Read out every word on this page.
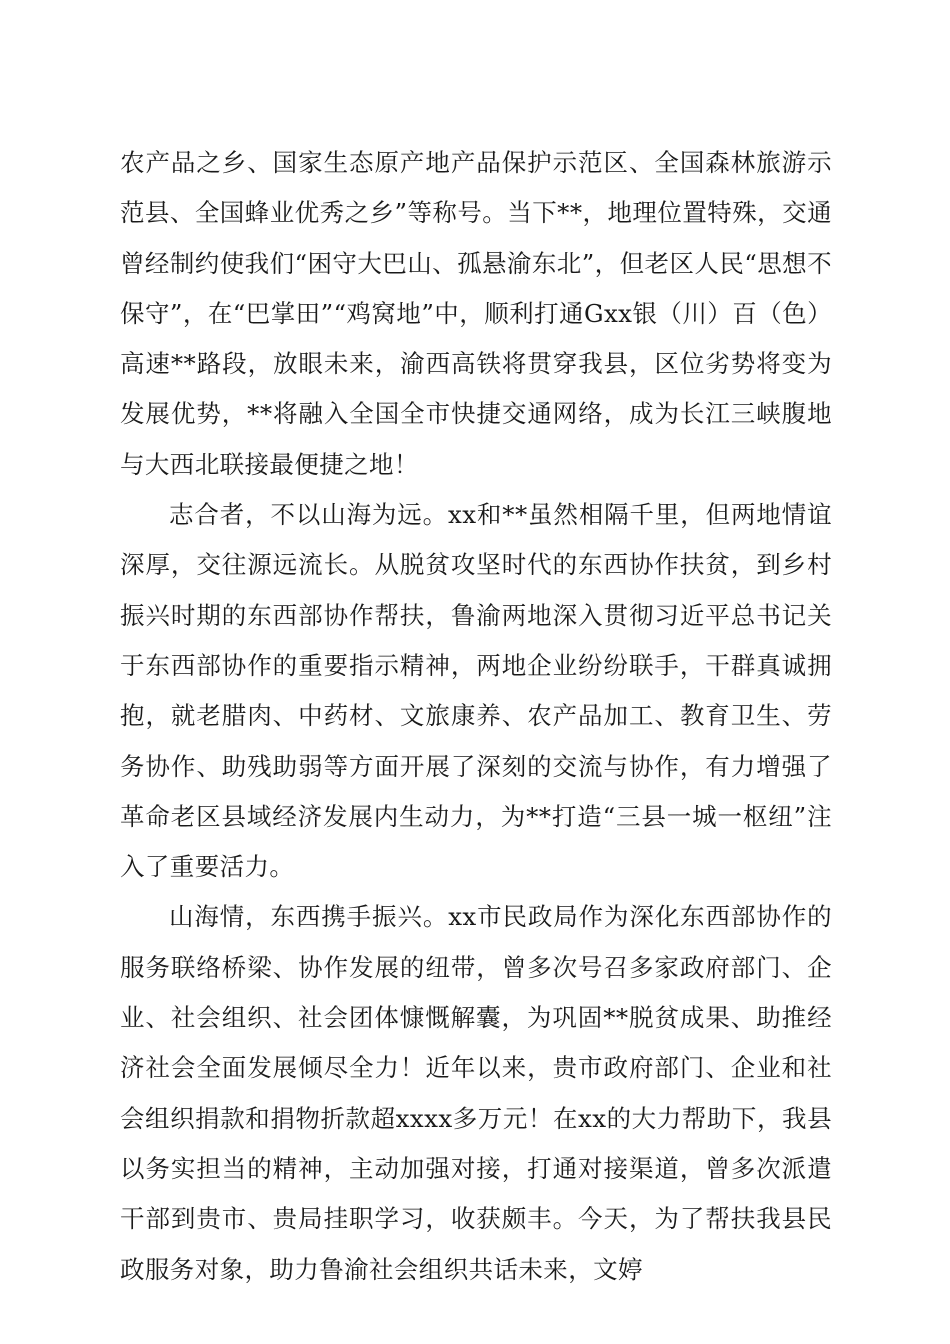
农产品之乡、国家生态原产地产品保护示范区、全国森林旅游示范县、全国蜂业优秀之乡”等称号。当下**，地理位置特殊，交通曾经制约使我们“困守大巴山、孤悬渝东北”，但老区人民“思想不保守”，在“巴掌田”“鸡窝地”中，顺利打通Gxx银（川）百（色）高速**路段，放眼未来，渝西高铁将贯穿我县，区位劣势将变为发展优势，**将融入全国全市快捷交通网络，成为长江三峡腹地与大西北联接最便捷之地！

志合者，不以山海为远。xx和**虽然相隔千里，但两地情谊深厚，交往源远流长。从脱贫攻坚时代的东西协作扶贫，到乡村振兴时期的东西部协作帮扶，鲁渝两地深入贯彻习近平总书记关于东西部协作的重要指示精神，两地企业纷纷联手，干群真诚拥抱，就老腊肉、中药材、文旅康养、农产品加工、教育卫生、劳务协作、助残助弱等方面开展了深刻的交流与协作，有力增强了革命老区县域经济发展内生动力，为**打造“三县一城一枢纽”注入了重要活力。

山海情，东西携手振兴。xx市民政局作为深化东西部协作的服务联络桥梁、协作发展的纽带，曾多次号召多家政府部门、企业、社会组织、社会团体慷慨解囊，为巩固**脱贫成果、助推经济社会全面发展倾尽全力！近年以来，贵市政府部门、企业和社会组织捐款和捐物折款超xxxx多万元！在xx的大力帮助下，我县以务实担当的精神，主动加强对接，打通对接渠道，曾多次派遣干部到贵市、贵局挂职学习，收获颇丰。今天，为了帮扶我县民政服务对象，助力鲁渝社会组织共话未来，文婷
